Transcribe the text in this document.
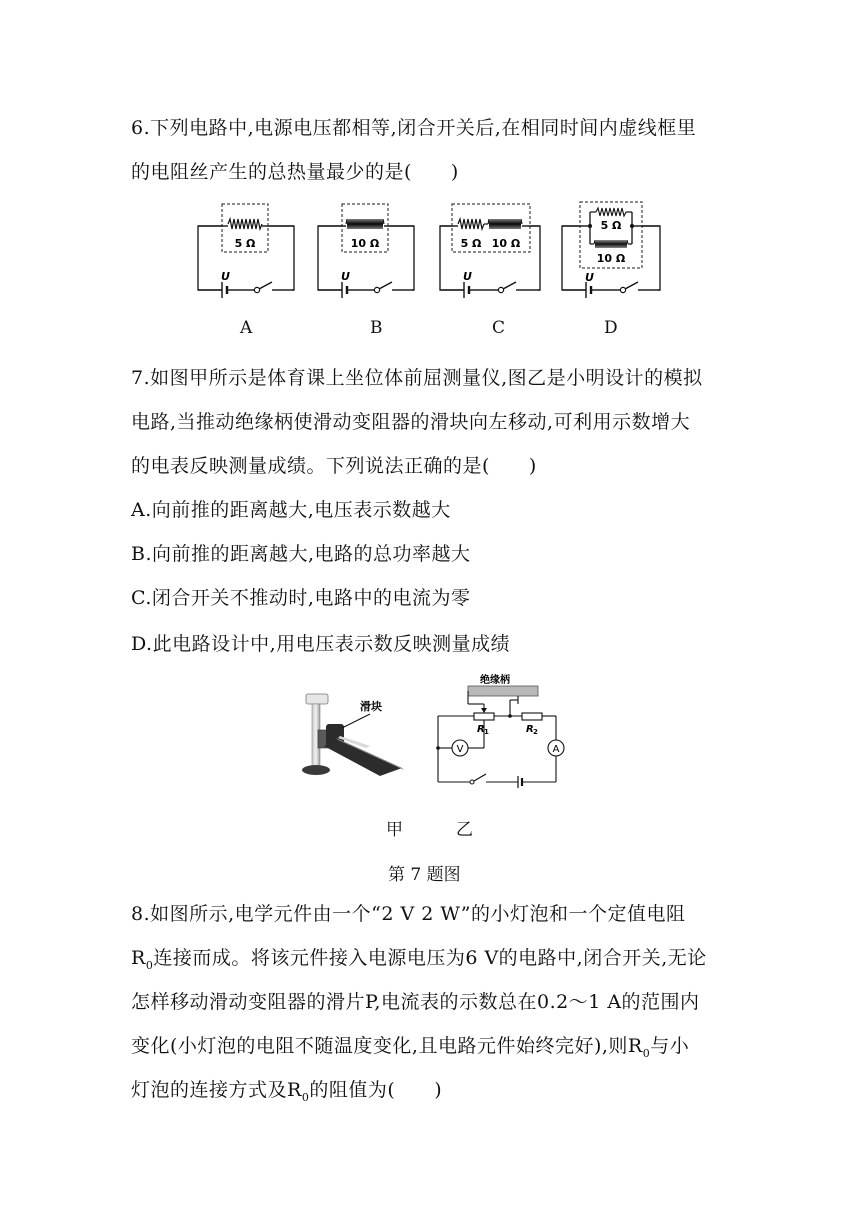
6.下列电路中,电源电压都相等,闭合开关后,在相同时间内虚线框里
的电阻丝产生的总热量最少的是(　　)
5 Ω
U
10 Ω
U
5 Ω 10 Ω
U
5 Ω
10 Ω
U
A	B	C	D
7.如图甲所示是体育课上坐位体前屈测量仪,图乙是小明设计的模拟
电路,当推动绝缘柄使滑动变阻器的滑块向左移动,可利用示数增大
的电表反映测量成绩。下列说法正确的是(　　)
A.向前推的距离越大,电压表示数越大
B.向前推的距离越大,电路的总功率越大
C.闭合开关不推动时,电路中的电流为零
D.此电路设计中,用电压表示数反映测量成绩
滑块
绝缘柄
R 1	R 2
V	A
甲	乙
第 7 题图
8.如图所示,电学元件由一个“2 V 2 W”的小灯泡和一个定值电阻
$R_0$连接而成。将该元件接入电源电压为6 V的电路中,闭合开关,无论
怎样移动滑动变阻器的滑片P,电流表的示数总在0.2～1 A的范围内
变化(小灯泡的电阻不随温度变化,且电路元件始终完好),则$R_0$与小
灯泡的连接方式及$R_0$的阻值为(　　)
